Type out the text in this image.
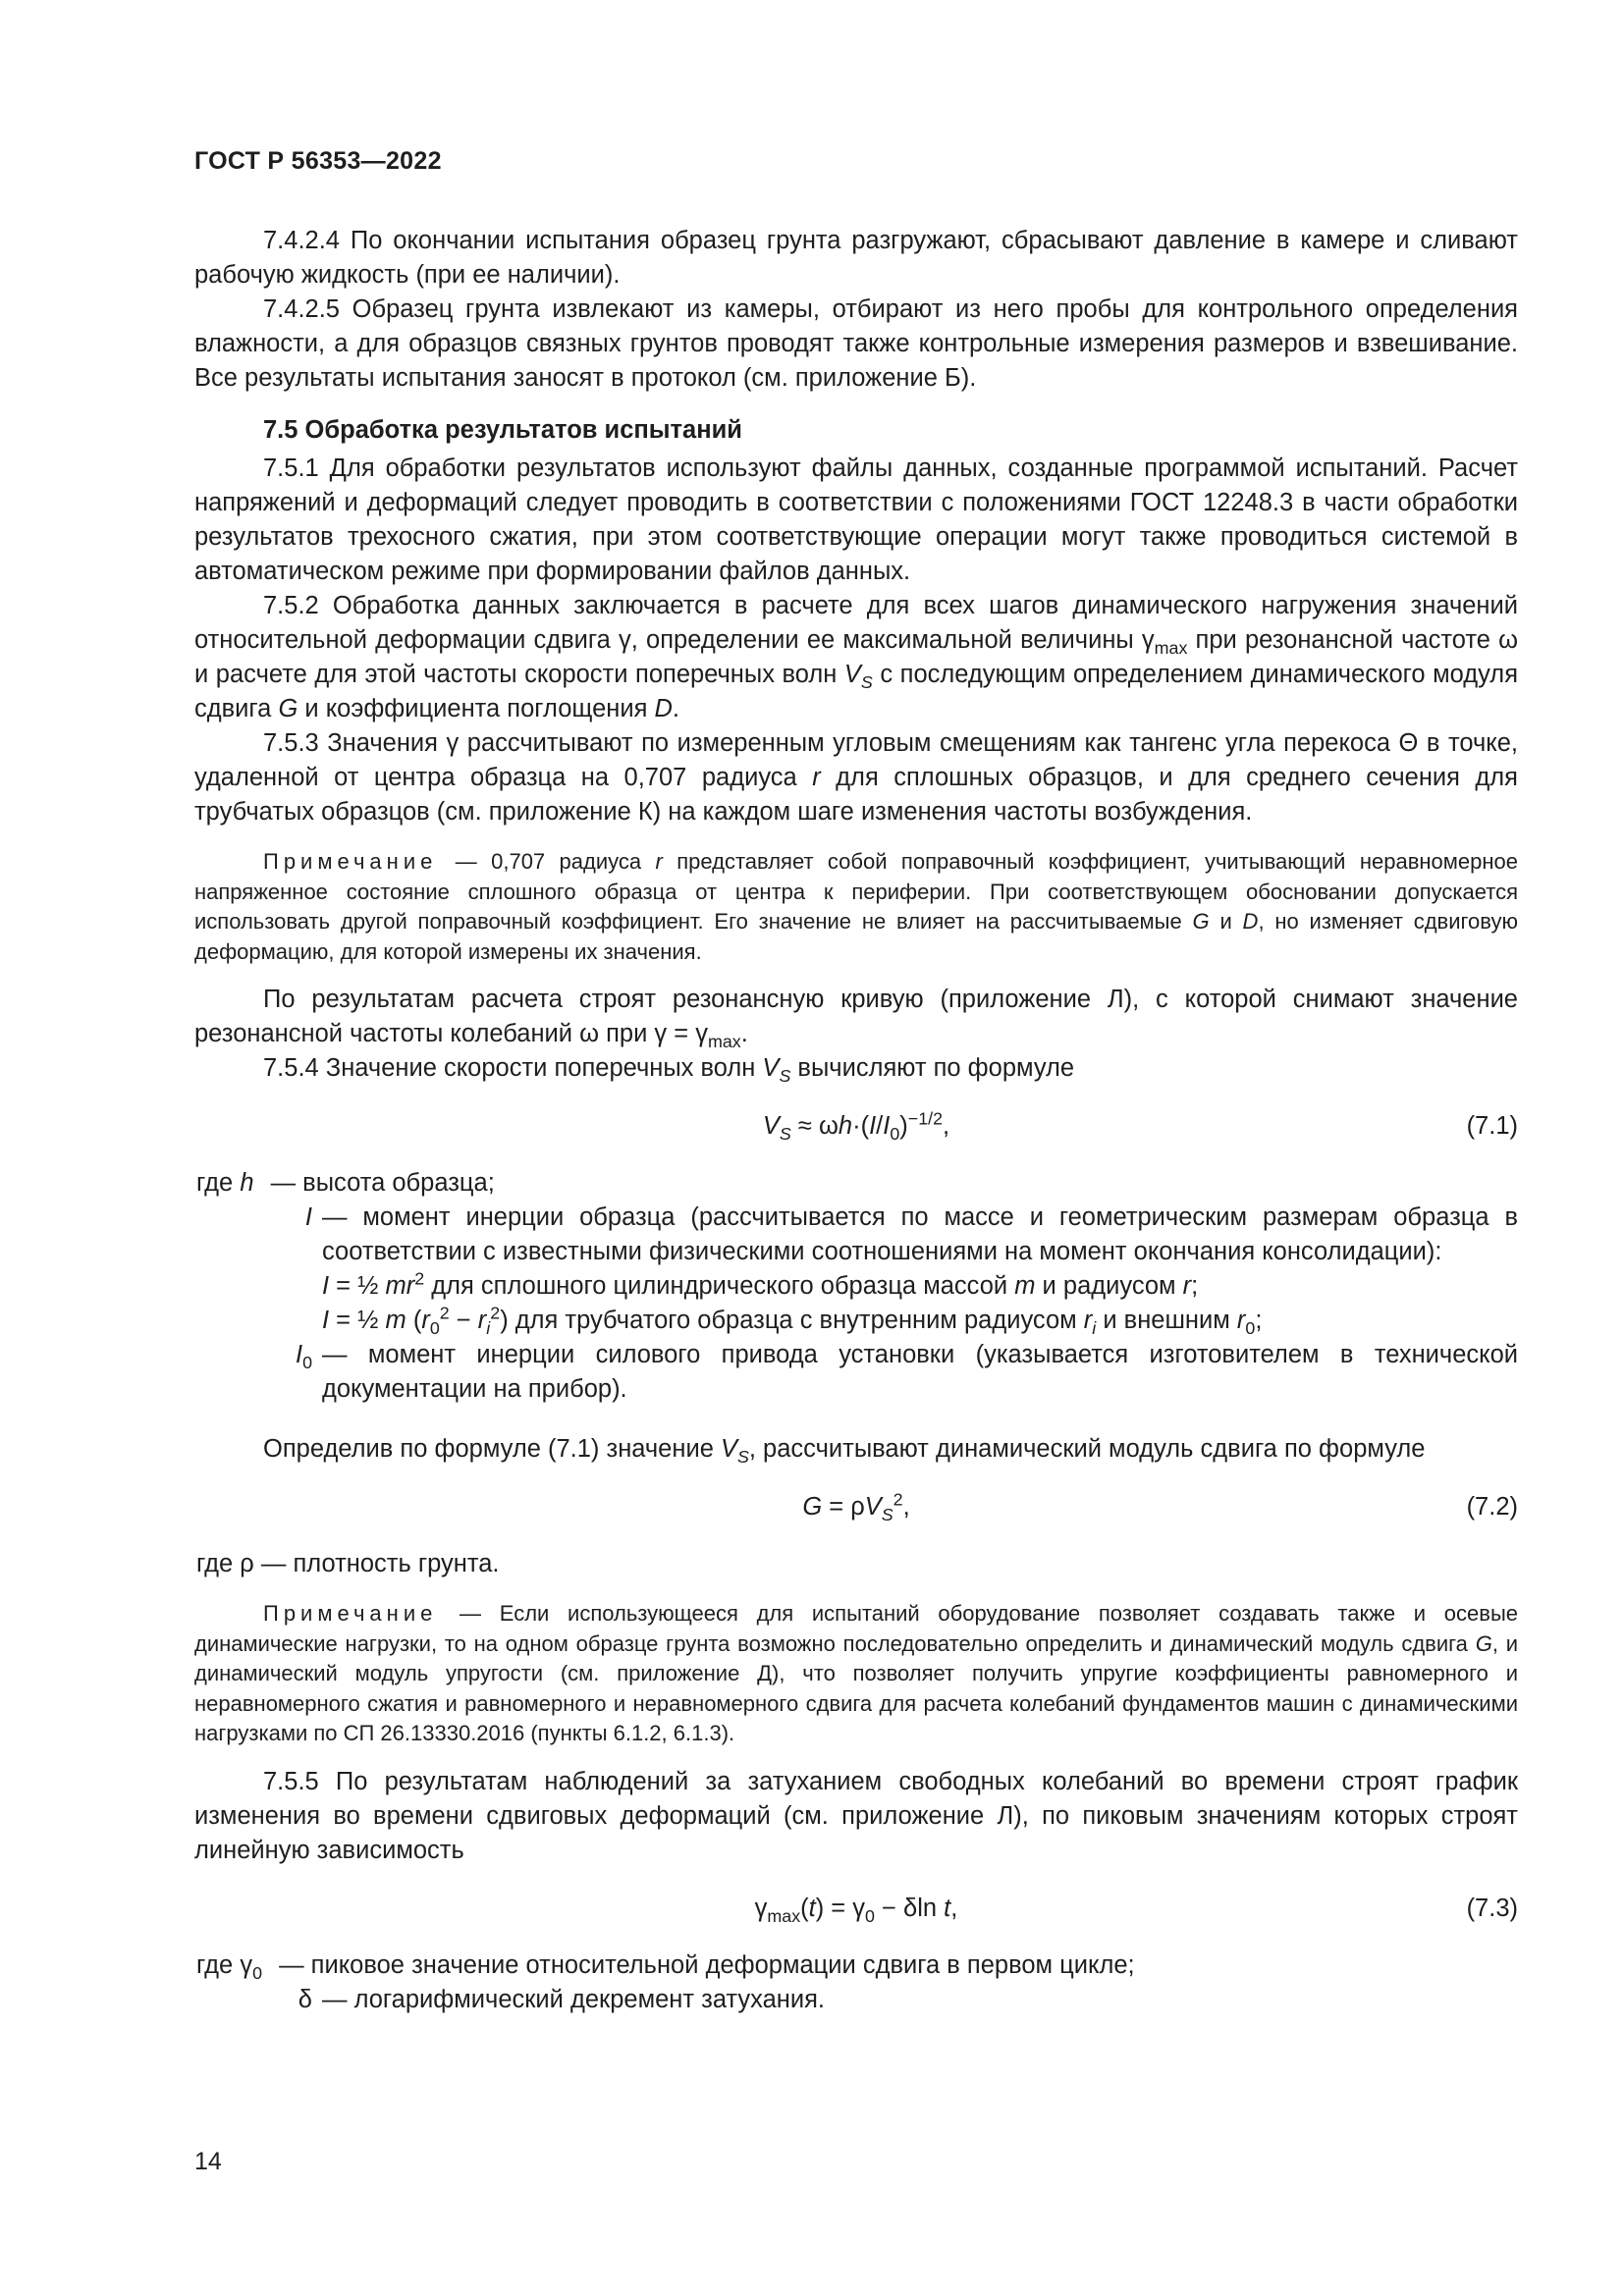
ГОСТ Р 56353—2022

7.4.2.4 По окончании испытания образец грунта разгружают, сбрасывают давление в камере и сливают рабочую жидкость (при ее наличии).

7.4.2.5 Образец грунта извлекают из камеры, отбирают из него пробы для контрольного определения влажности, а для образцов связных грунтов проводят также контрольные измерения размеров и взвешивание. Все результаты испытания заносят в протокол (см. приложение Б).

7.5 Обработка результатов испытаний

7.5.1 Для обработки результатов используют файлы данных, созданные программой испытаний. Расчет напряжений и деформаций следует проводить в соответствии с положениями ГОСТ 12248.3 в части обработки результатов трехосного сжатия, при этом соответствующие операции могут также проводиться системой в автоматическом режиме при формировании файлов данных.

7.5.2 Обработка данных заключается в расчете для всех шагов динамического нагружения значений относительной деформации сдвига γ, определении ее максимальной величины $\gamma_{max}$ при резонансной частоте ω и расчете для этой частоты скорости поперечных волн $V_S$ с последующим определением динамического модуля сдвига G и коэффициента поглощения D.

7.5.3 Значения γ рассчитывают по измеренным угловым смещениям как тангенс угла перекоса Θ в точке, удаленной от центра образца на 0,707 радиуса r для сплошных образцов, и для среднего сечения для трубчатых образцов (см. приложение К) на каждом шаге изменения частоты возбуждения.

Примечание — 0,707 радиуса r представляет собой поправочный коэффициент, учитывающий неравномерное напряженное состояние сплошного образца от центра к периферии. При соответствующем обосновании допускается использовать другой поправочный коэффициент. Его значение не влияет на рассчитываемые G и D, но изменяет сдвиговую деформацию, для которой измерены их значения.

По результатам расчета строят резонансную кривую (приложение Л), с которой снимают значение резонансной частоты колебаний ω при $\gamma = \gamma_{max}$.

7.5.4 Значение скорости поперечных волн $V_S$ вычисляют по формуле

$V_S \approx \omega h\cdot(I/I_0)^{-1/2}$,	(7.1)
где h — высота образца;
I — момент инерции образца (рассчитывается по массе и геометрическим размерам образца в соответствии с известными физическими соотношениями на момент окончания консолидации):
I = ½ $mr^2$ для сплошного цилиндрического образца массой m и радиусом r;
I = ½ m $(r_0^2 - r_i^2)$ для трубчатого образца с внутренним радиусом $r_i$ и внешним $r_0$;
$I_0$ — момент инерции силового привода установки (указывается изготовителем в технической документации на прибор).

Определив по формуле (7.1) значение $V_S$, рассчитывают динамический модуль сдвига по формуле

$G = \rho V_S^2$,	(7.2)

где ρ — плотность грунта.

Примечание — Если использующееся для испытаний оборудование позволяет создавать также и осевые динамические нагрузки, то на одном образце грунта возможно последовательно определить и динамический модуль сдвига G, и динамический модуль упругости (см. приложение Д), что позволяет получить упругие коэффициенты равномерного и неравномерного сжатия и равномерного и неравномерного сдвига для расчета колебаний фундаментов машин с динамическими нагрузками по СП 26.13330.2016 (пункты 6.1.2, 6.1.3).

7.5.5 По результатам наблюдений за затуханием свободных колебаний во времени строят график изменения во времени сдвиговых деформаций (см. приложение Л), по пиковым значениям которых строят линейную зависимость

$\gamma_{max}(t) = \gamma_0 - \delta\ln$ t,	(7.3)
где $\gamma_0$ — пиковое значение относительной деформации сдвига в первом цикле;
δ — логарифмический декремент затухания.
14
